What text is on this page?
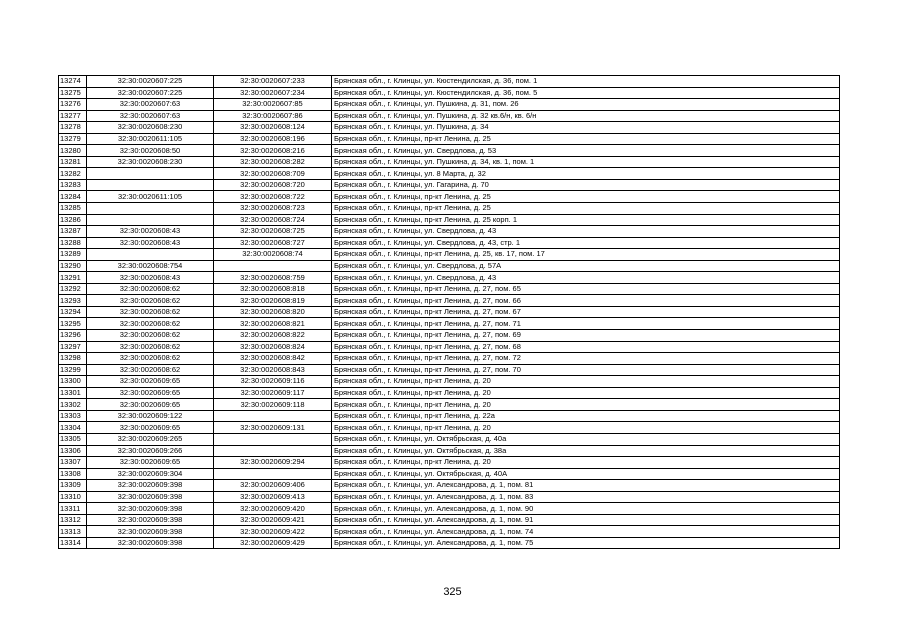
13274	32:30:0020607:225	32:30:0020607:233	Брянская обл., г. Клинцы, ул. Кюстендилская, д. 36, пом. 1
13275	32:30:0020607:225	32:30:0020607:234	Брянская обл., г. Клинцы, ул. Кюстендилская, д. 36, пом. 5
13276	32:30:0020607:63	32:30:0020607:85	Брянская обл., г. Клинцы, ул. Пушкина, д. 31, пом. 26
13277	32:30:0020607:63	32:30:0020607:86	Брянская обл., г. Клинцы, ул. Пушкина, д. 32 кв.6/н, кв. 6/н
13278	32:30:0020608:230	32:30:0020608:124	Брянская обл., г. Клинцы, ул. Пушкина, д. 34
13279	32:30:0020611:105	32:30:0020608:196	Брянская обл., г. Клинцы, пр-кт Ленина, д. 25
13280	32:30:0020608:50	32:30:0020608:216	Брянская обл., г. Клинцы, ул. Свердлова, д. 53
13281	32:30:0020608:230	32:30:0020608:282	Брянская обл., г. Клинцы, ул. Пушкина, д. 34, кв. 1, пом. 1
13282		32:30:0020608:709	Брянская обл., г. Клинцы, ул. 8 Марта, д. 32
13283		32:30:0020608:720	Брянская обл., г. Клинцы, ул. Гагарина, д. 70
13284	32:30:0020611:105	32:30:0020608:722	Брянская обл., г. Клинцы, пр-кт Ленина, д. 25
13285		32:30:0020608:723	Брянская обл., г. Клинцы, пр-кт Ленина, д. 25
13286		32:30:0020608:724	Брянская обл., г. Клинцы, пр-кт Ленина, д. 25 корп. 1
13287	32:30:0020608:43	32:30:0020608:725	Брянская обл., г. Клинцы, ул. Свердлова, д. 43
13288	32:30:0020608:43	32:30:0020608:727	Брянская обл., г. Клинцы, ул. Свердлова, д. 43, стр. 1
13289		32:30:0020608:74	Брянская обл., г. Клинцы, пр-кт Ленина, д. 25, кв. 17, пом. 17
13290	32:30:0020608:754		Брянская обл., г. Клинцы, ул. Свердлова, д. 57А
13291	32:30:0020608:43	32:30:0020608:759	Брянская обл., г. Клинцы, ул. Свердлова, д. 43
13292	32:30:0020608:62	32:30:0020608:818	Брянская обл., г. Клинцы, пр-кт Ленина, д. 27, пом. 65
13293	32:30:0020608:62	32:30:0020608:819	Брянская обл., г. Клинцы, пр-кт Ленина, д. 27, пом. 66
13294	32:30:0020608:62	32:30:0020608:820	Брянская обл., г. Клинцы, пр-кт Ленина, д. 27, пом. 67
13295	32:30:0020608:62	32:30:0020608:821	Брянская обл., г. Клинцы, пр-кт Ленина, д. 27, пом. 71
13296	32:30:0020608:62	32:30:0020608:822	Брянская обл., г. Клинцы, пр-кт Ленина, д. 27, пом. 69
13297	32:30:0020608:62	32:30:0020608:824	Брянская обл., г. Клинцы, пр-кт Ленина, д. 27, пом. 68
13298	32:30:0020608:62	32:30:0020608:842	Брянская обл., г. Клинцы, пр-кт Ленина, д. 27, пом. 72
13299	32:30:0020608:62	32:30:0020608:843	Брянская обл., г. Клинцы, пр-кт Ленина, д. 27, пом. 70
13300	32:30:0020609:65	32:30:0020609:116	Брянская обл., г. Клинцы, пр-кт Ленина, д. 20
13301	32:30:0020609:65	32:30:0020609:117	Брянская обл., г. Клинцы, пр-кт Ленина, д. 20
13302	32:30:0020609:65	32:30:0020609:118	Брянская обл., г. Клинцы, пр-кт Ленина, д. 20
13303	32:30:0020609:122		Брянская обл., г. Клинцы, пр-кт Ленина, д. 22а
13304	32:30:0020609:65	32:30:0020609:131	Брянская обл., г. Клинцы, пр-кт Ленина, д. 20
13305	32:30:0020609:265		Брянская обл., г. Клинцы, ул. Октябрьская, д. 40а
13306	32:30:0020609:266		Брянская обл., г. Клинцы, ул. Октябрьская, д. 38а
13307	32:30:0020609:65	32:30:0020609:294	Брянская обл., г. Клинцы, пр-кт Ленина, д. 20
13308	32:30:0020609:304		Брянская обл., г. Клинцы, ул. Октябрьская, д. 40А
13309	32:30:0020609:398	32:30:0020609:406	Брянская обл., г. Клинцы, ул. Александрова, д. 1, пом. 81
13310	32:30:0020609:398	32:30:0020609:413	Брянская обл., г. Клинцы, ул. Александрова, д. 1, пом. 83
13311	32:30:0020609:398	32:30:0020609:420	Брянская обл., г. Клинцы, ул. Александрова, д. 1, пом. 90
13312	32:30:0020609:398	32:30:0020609:421	Брянская обл., г. Клинцы, ул. Александрова, д. 1, пом. 91
13313	32:30:0020609:398	32:30:0020609:422	Брянская обл., г. Клинцы, ул. Александрова, д. 1, пом. 74
13314	32:30:0020609:398	32:30:0020609:429	Брянская обл., г. Клинцы, ул. Александрова, д. 1, пом. 75
325
